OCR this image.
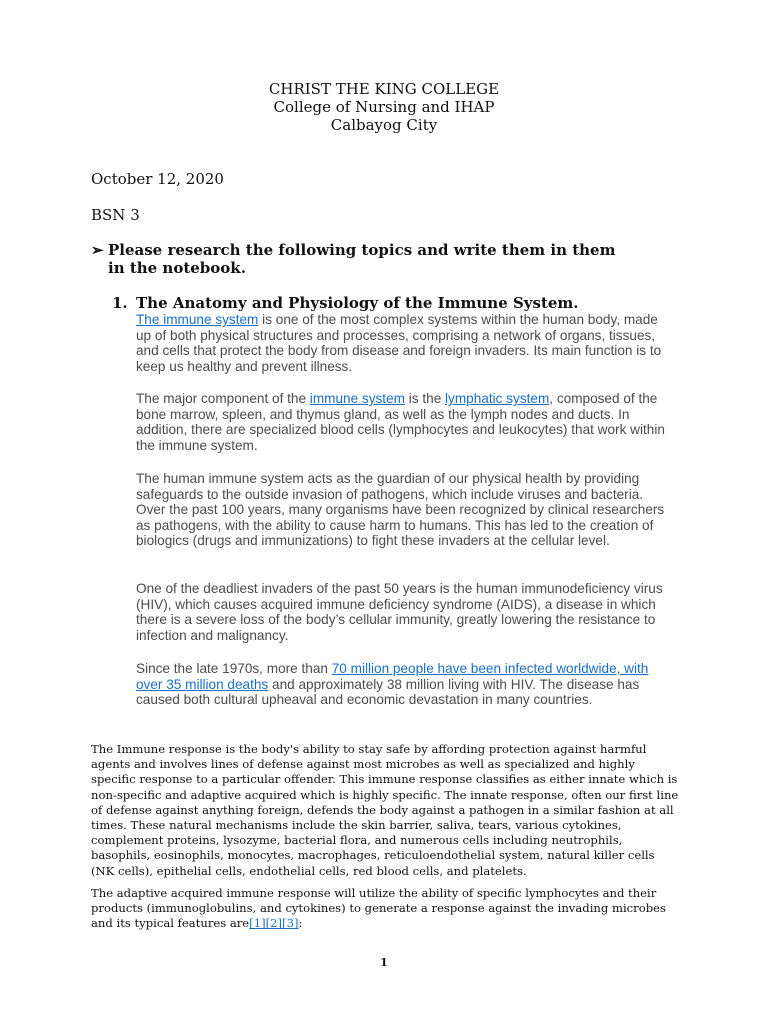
CHRIST THE KING COLLEGE
College of Nursing and IHAP
Calbayog City
October 12, 2020
BSN 3
➢ Please research the following topics and write them in them in the notebook.
1. The Anatomy and Physiology of the Immune System.

The immune system is one of the most complex systems within the human body, made up of both physical structures and processes, comprising a network of organs, tissues, and cells that protect the body from disease and foreign invaders. Its main function is to keep us healthy and prevent illness.

The major component of the immune system is the lymphatic system, composed of the bone marrow, spleen, and thymus gland, as well as the lymph nodes and ducts. In addition, there are specialized blood cells (lymphocytes and leukocytes) that work within the immune system.

The human immune system acts as the guardian of our physical health by providing safeguards to the outside invasion of pathogens, which include viruses and bacteria. Over the past 100 years, many organisms have been recognized by clinical researchers as pathogens, with the ability to cause harm to humans. This has led to the creation of biologics (drugs and immunizations) to fight these invaders at the cellular level.

One of the deadliest invaders of the past 50 years is the human immunodeficiency virus (HIV), which causes acquired immune deficiency syndrome (AIDS), a disease in which there is a severe loss of the body’s cellular immunity, greatly lowering the resistance to infection and malignancy.

Since the late 1970s, more than 70 million people have been infected worldwide, with over 35 million deaths and approximately 38 million living with HIV. The disease has caused both cultural upheaval and economic devastation in many countries.

The Immune response is the body's ability to stay safe by affording protection against harmful agents and involves lines of defense against most microbes as well as specialized and highly specific response to a particular offender. This immune response classifies as either innate which is non-specific and adaptive acquired which is highly specific. The innate response, often our first line of defense against anything foreign, defends the body against a pathogen in a similar fashion at all times. These natural mechanisms include the skin barrier, saliva, tears, various cytokines, complement proteins, lysozyme, bacterial flora, and numerous cells including neutrophils, basophils, eosinophils, monocytes, macrophages, reticuloendothelial system, natural killer cells (NK cells), epithelial cells, endothelial cells, red blood cells, and platelets.

The adaptive acquired immune response will utilize the ability of specific lymphocytes and their products (immunoglobulins, and cytokines) to generate a response against the invading microbes and its typical features are[1][2][3]:

1
